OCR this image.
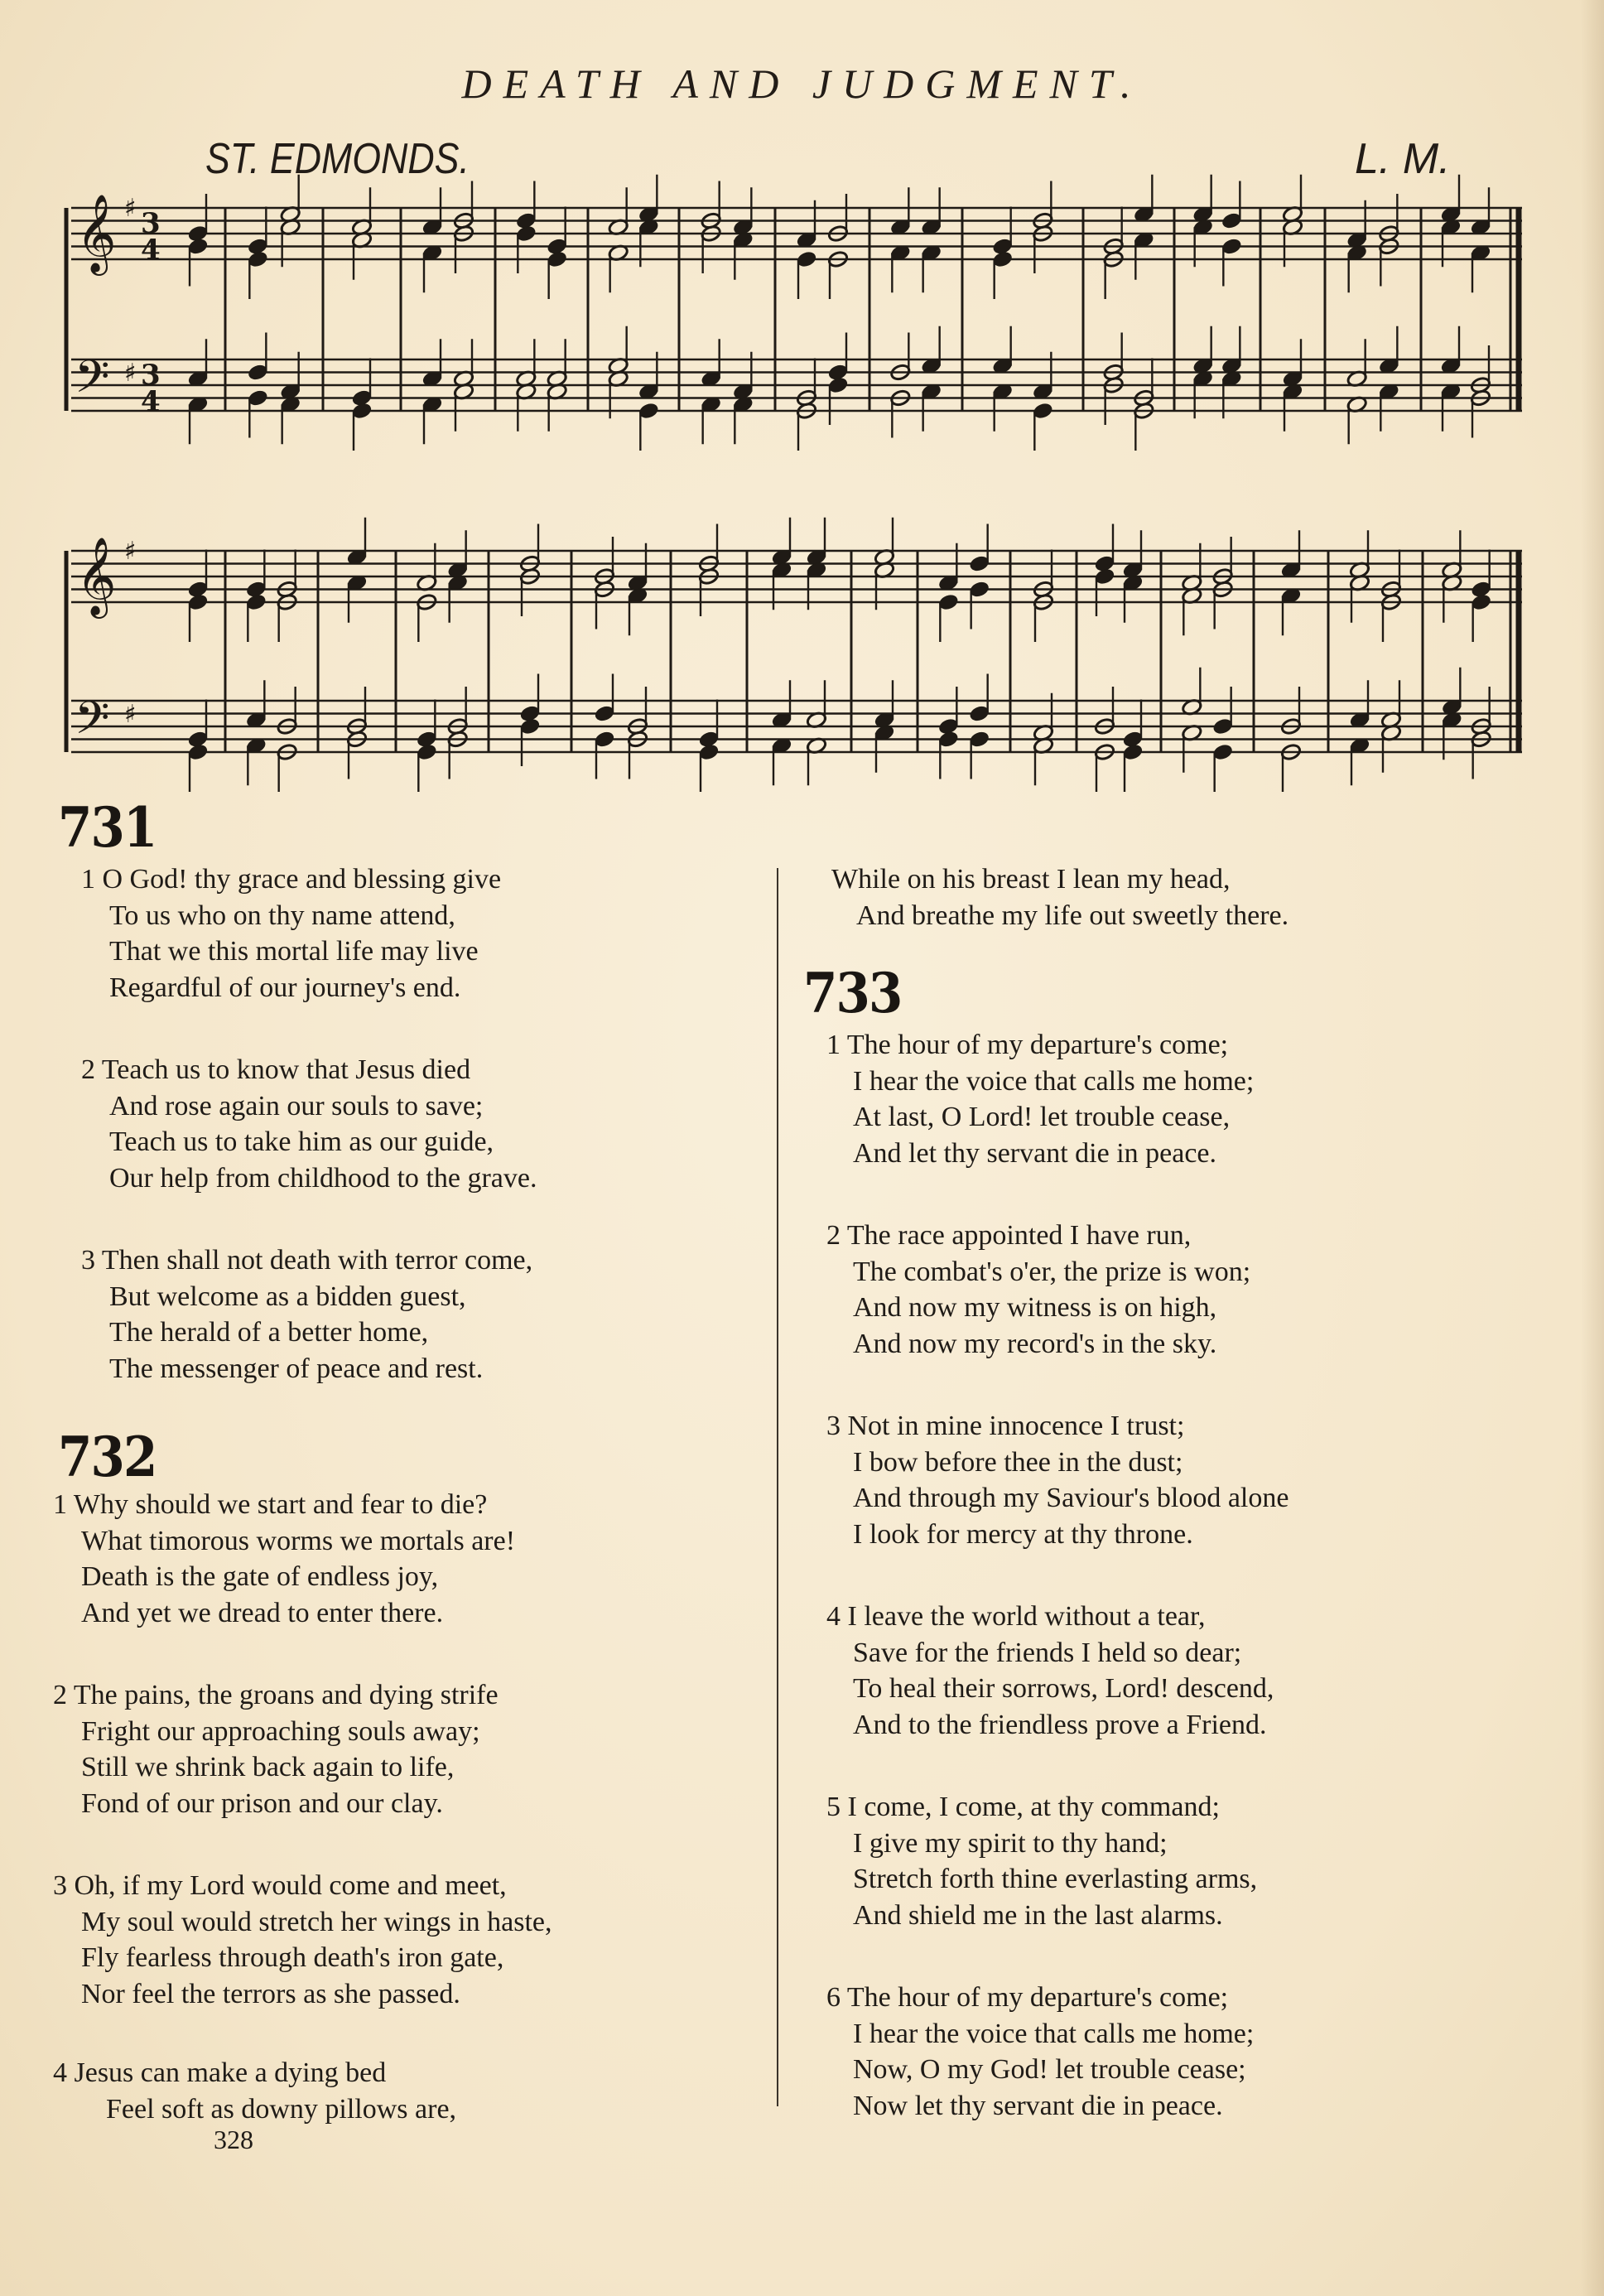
DEATH AND JUDGMENT.
ST. EDMONDS.	L. M.
𝄞
𝄢
𝄞
𝄢
♯
♯
♯
♯
3
4
3
4
731
1 O God! thy grace and blessing give
To us who on thy name attend,
That we this mortal life may live
Regardful of our journey's end.
2 Teach us to know that Jesus died
And rose again our souls to save;
Teach us to take him as our guide,
Our help from childhood to the grave.
3 Then shall not death with terror come,
But welcome as a bidden guest,
The herald of a better home,
The messenger of peace and rest.
732
1 Why should we start and fear to die?
What timorous worms we mortals are!
Death is the gate of endless joy,
And yet we dread to enter there.
2 The pains, the groans and dying strife
Fright our approaching souls away;
Still we shrink back again to life,
Fond of our prison and our clay.
3 Oh, if my Lord would come and meet,
My soul would stretch her wings in haste,
Fly fearless through death's iron gate,
Nor feel the terrors as she passed.
4 Jesus can make a dying bed
Feel soft as downy pillows are,
While on his breast I lean my head,
And breathe my life out sweetly there.
733
1 The hour of my departure's come;
I hear the voice that calls me home;
At last, O Lord! let trouble cease,
And let thy servant die in peace.
2 The race appointed I have run,
The combat's o'er, the prize is won;
And now my witness is on high,
And now my record's in the sky.
3 Not in mine innocence I trust;
I bow before thee in the dust;
And through my Saviour's blood alone
I look for mercy at thy throne.
4 I leave the world without a tear,
Save for the friends I held so dear;
To heal their sorrows, Lord! descend,
And to the friendless prove a Friend.
5 I come, I come, at thy command;
I give my spirit to thy hand;
Stretch forth thine everlasting arms,
And shield me in the last alarms.
6 The hour of my departure's come;
I hear the voice that calls me home;
Now, O my God! let trouble cease;
Now let thy servant die in peace.
328
